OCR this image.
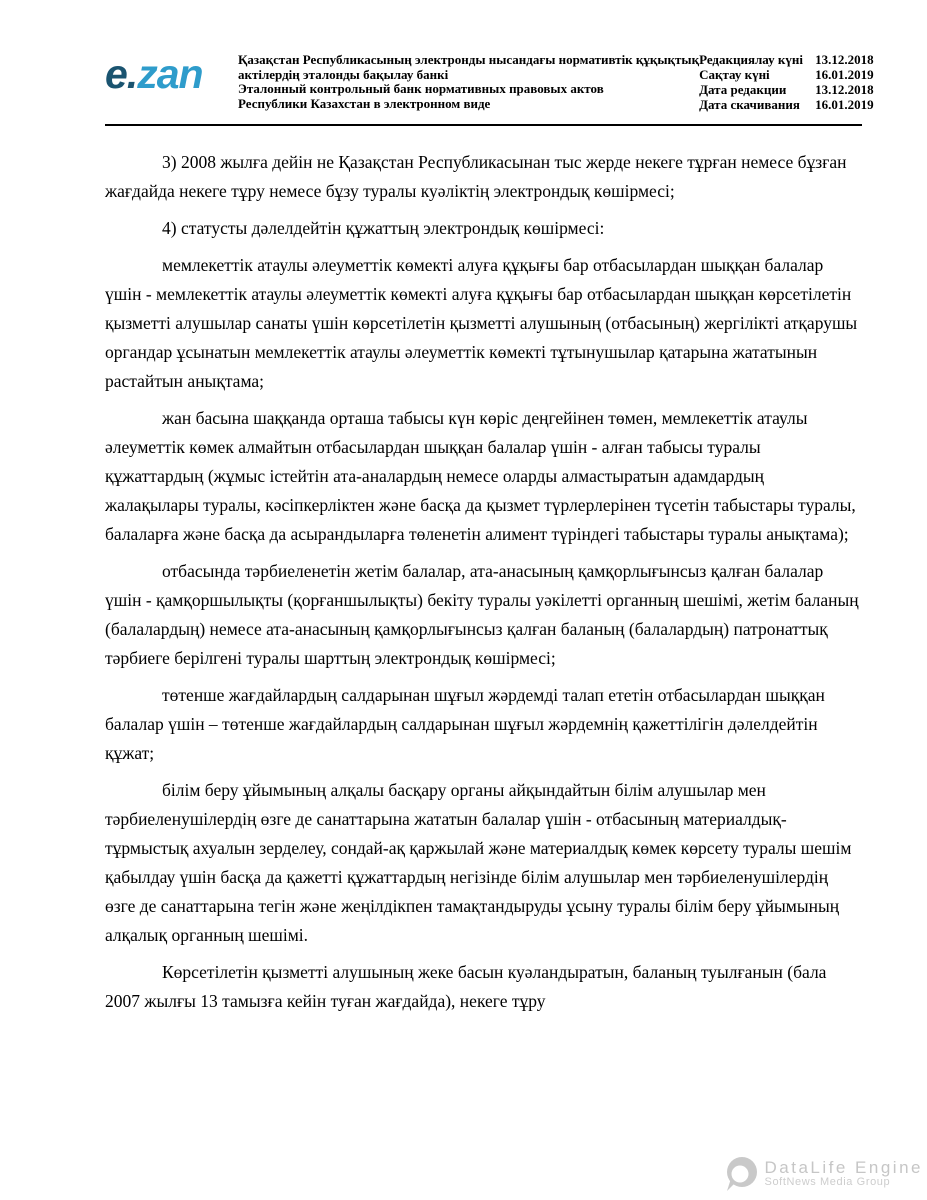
e.zan	Қазақстан Республикасының электронды нысандағы нормативтік құқықтық
актілердің эталонды бақылау банкі
Эталонный контрольный банк нормативных правовых актов
Республики Казахстан в электронном виде
Редакциялау күні 13.12.2018
Сақтау күні	16.01.2019
Дата редакции	13.12.2018
Дата скачивания	16.01.2019

3) 2008 жылға дейін не Қазақстан Республикасынан тыс жерде некеге тұрған немесе бұзған жағдайда некеге тұру немесе бұзу туралы куәліктің электрондық көшірмесі;

4) статусты дәлелдейтін құжаттың электрондық көшірмесі:

мемлекеттік атаулы әлеуметтік көмекті алуға құқығы бар отбасылардан шыққан балалар үшін - мемлекеттік атаулы әлеуметтік көмекті алуға құқығы бар отбасылардан шыққан көрсетілетін қызметті алушылар санаты үшін көрсетілетін қызметті алушының (отбасының) жергілікті атқарушы органдар ұсынатын мемлекеттік атаулы әлеуметтік көмекті тұтынушылар қатарына жататынын растайтын анықтама;

жан басына шаққанда орташа табысы күн көріс деңгейінен төмен, мемлекеттік атаулы әлеуметтік көмек алмайтын отбасылардан шыққан балалар үшін - алған табысы туралы құжаттардың (жұмыс істейтін ата-аналардың немесе оларды алмастыратын адамдардың жалақылары туралы, кәсіпкерліктен және басқа да қызмет түрлерлерінен түсетін табыстары туралы, балаларға және басқа да асырандыларға төленетін алимент түріндегі табыстары туралы анықтама);

отбасында тәрбиеленетін жетім балалар, ата-анасының қамқорлығынсыз қалған балалар үшін - қамқоршылықты (қорғаншылықты) бекіту туралы уәкілетті органның шешімі, жетім баланың (балалардың) немесе ата-анасының қамқорлығынсыз қалған баланың (балалардың) патронаттық тәрбиеге берілгені туралы шарттың электрондық көшірмесі;

төтенше жағдайлардың салдарынан шұғыл жәрдемді талап ететін отбасылардан шыққан балалар үшін – төтенше жағдайлардың салдарынан шұғыл жәрдемнің қажеттілігін дәлелдейтін құжат;

білім беру ұйымының алқалы басқару органы айқындайтын білім алушылар мен тәрбиеленушілердің өзге де санаттарына жататын балалар үшін - отбасының материалдық-тұрмыстық ахуалын зерделеу, сондай-ақ қаржылай және материалдық көмек көрсету туралы шешім қабылдау үшін басқа да қажетті құжаттардың негізінде білім алушылар мен тәрбиеленушілердің өзге де санаттарына тегін және жеңілдікпен тамақтандыруды ұсыну туралы білім беру ұйымының алқалық органның шешімі.

Көрсетілетін қызметті алушының жеке басын куәландыратын, баланың туылғанын (бала 2007 жылғы 13 тамызға кейін туған жағдайда), некеге тұру

DataLife Engine
SoftNews Media Group
